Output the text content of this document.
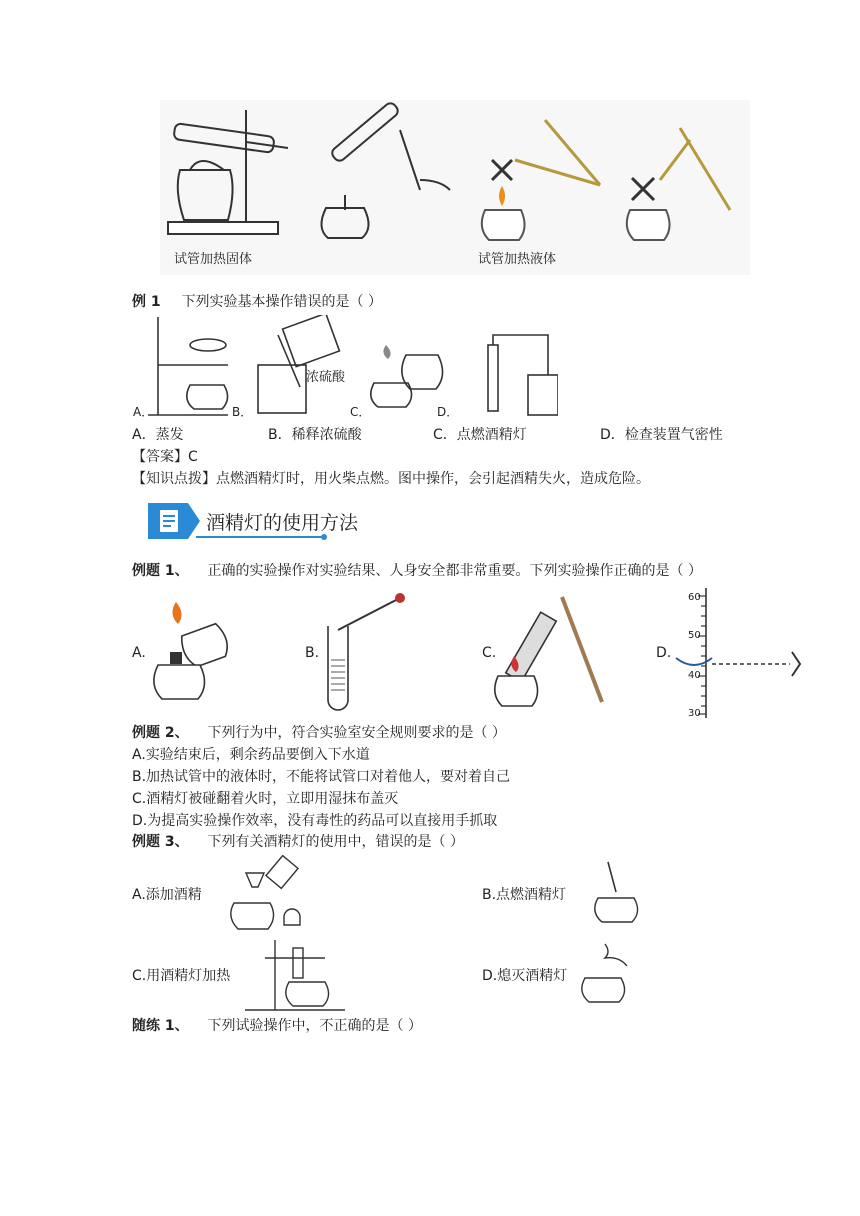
试管加热固体	试管加热液体
例 1 下列实验基本操作错误的是（ ）
A．	B．	C．	D．
浓硫酸
A．蒸发	B．稀释浓硫酸	C．点燃酒精灯	D．检查装置气密性
【答案】C
【知识点拨】点燃酒精灯时，用火柴点燃。图中操作，会引起酒精失火，造成危险。
酒精灯的使用方法
例题 1、 正确的实验操作对实验结果、人身安全都非常重要。下列实验操作正确的是（ ）
A.	B.	C.	D.
60
50
40
30
例题 2、 下列行为中，符合实验室安全规则要求的是（ ）
A.实验结束后，剩余药品要倒入下水道
B.加热试管中的液体时，不能将试管口对着他人，要对着自己
C.酒精灯被碰翻着火时，立即用湿抹布盖灭
D.为提高实验操作效率，没有毒性的药品可以直接用手抓取
例题 3、 下列有关酒精灯的使用中，错误的是（ ）
A.添加酒精	B.点燃酒精灯
C.用酒精灯加热	D.熄灭酒精灯
随练 1、 下列试验操作中，不正确的是（ ）
